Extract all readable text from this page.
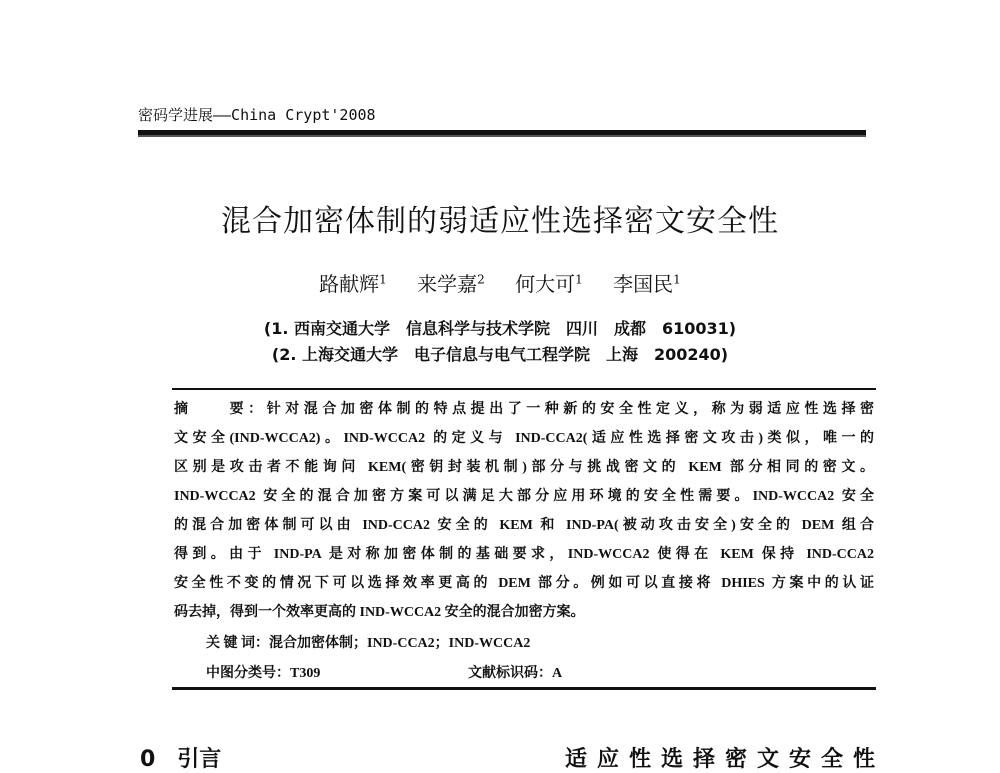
密码学进展——China Crypt'2008
混合加密体制的弱适应性选择密文安全性
路献辉$^1$ 来学嘉$^2$ 何大可$^1$ 李国民$^1$
(1. 西南交通大学　信息科学与技术学院　四川　成都　610031)
(2. 上海交通大学　电子信息与电气工程学院　上海　200240)
摘　　要：针对混合加密体制的特点提出了一种新的安全性定义，称为弱适应性选择密
文安全(IND-WCCA2)。IND-WCCA2 的定义与 IND-CCA2(适应性选择密文攻击)类似，唯一的
区别是攻击者不能询问 KEM(密钥封装机制)部分与挑战密文的 KEM 部分相同的密文。
IND-WCCA2 安全的混合加密方案可以满足大部分应用环境的安全性需要。IND-WCCA2 安全
的混合加密体制可以由 IND-CCA2 安全的 KEM 和 IND-PA(被动攻击安全)安全的 DEM 组合
得到。由于 IND-PA 是对称加密体制的基础要求，IND-WCCA2 使得在 KEM 保持 IND-CCA2
安全性不变的情况下可以选择效率更高的 DEM 部分。例如可以直接将 DHIES 方案中的认证
码去掉，得到一个效率更高的 IND-WCCA2 安全的混合加密方案。
关 键 词：混合加密体制；IND-CCA2；IND-WCCA2
中图分类号：T309	文献标识码：A
0　引言	适应性选择密文安全性
